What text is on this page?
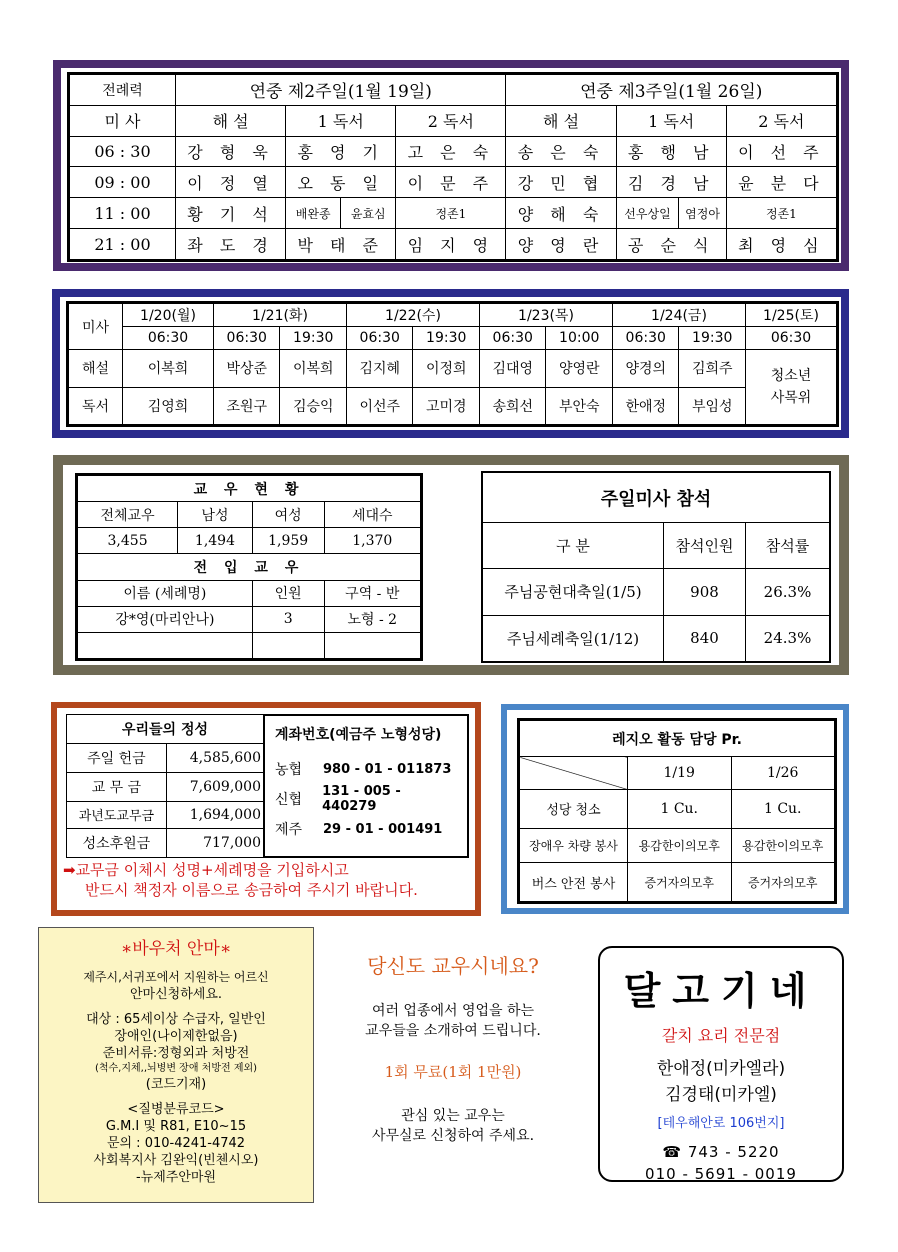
전례력	연중 제2주일(1월 19일)				연중 제3주일(1월 26일)			
미 사	해 설	1 독서		2 독서	해 설	1 독서		2 독서
06 : 30	강 형 욱	홍 영 기		고 은 숙	송 은 숙	홍 행 남		이 선 주
09 : 00	이 정 열	오 동 일		이 문 주	강 민 협	김 경 남		윤 분 다
11 : 00	황 기 석	배완종	윤효심	정존1	양 해 숙	선우상일	염정아	정존1
21 : 00	좌 도 경	박 태 준		임 지 영	양 영 란	공 순 식		최 영 심
미사	1/20(월)	1/21(화)		1/22(수)		1/23(목)		1/24(금)		1/25(토)
	06:30	06:30	19:30	06:30	19:30	06:30	10:00	06:30	19:30	06:30
해설	이복희	박상준	이복희	김지혜	이정희	김대영	양영란	양경의	김희주	청소년
사목위
독서	김영희	조원구	김승익	이선주	고미경	송희선	부안숙	한애정	부임성	
교 우 현 황			
전체교우	남성	여성	세대수
3,455	1,494	1,959	1,370
전 입 교 우			
이름 (세례명)		인원	구역 - 반
강*영(마리안나)		3	노형 - 2

주일미사 참석		
구 분	참석인원	참석률
주님공현대축일(1/5)	908	26.3%
주님세례축일(1/12)	840	24.3%
우리들의 정성	
주일 헌금	4,585,600
교 무 금	7,609,000
과년도교무금	1,694,000
성소후원금	717,000
계좌번호(예금주 노형성당)
농협	980 - 01 - 011873
신협
131 - 005 - 440279
제주	29 - 01 - 001491
➡교무금 이체시 성명+세례명을 기입하시고
반드시 책정자 이름으로 송금하여 주시기 바랍니다.
레지오 활동 담당 Pr.		
	1/19	1/26
성당 청소	1 Cu.	1 Cu.
장애우 차량 봉사	용감한이의모후	용감한이의모후
버스 안전 봉사	증거자의모후	증거자의모후
∗바우처 안마∗
제주시,서귀포에서 지원하는 어르신
안마신청하세요.
대상 : 65세이상 수급자, 일반인
장애인(나이제한없음)
준비서류:정형외과 처방전
(척수,지체,,뇌병변 장애 처방전 제외)
(코드기재)
<질병분류코드>
G.M.I 및 R81, E10~15
문의 : 010-4241-4742
사회복지사 김완익(빈첸시오)
-뉴제주안마원
당신도 교우시네요?
여러 업종에서 영업을 하는
교우들을 소개하여 드립니다.
1회 무료(1회 1만원)
관심 있는 교우는
사무실로 신청하여 주세요.
달고기네
갈치 요리 전문점
한애정(미카엘라)
김경태(미카엘)
[테우해안로 106번지]
☎ 743 - 5220
010 - 5691 - 0019
